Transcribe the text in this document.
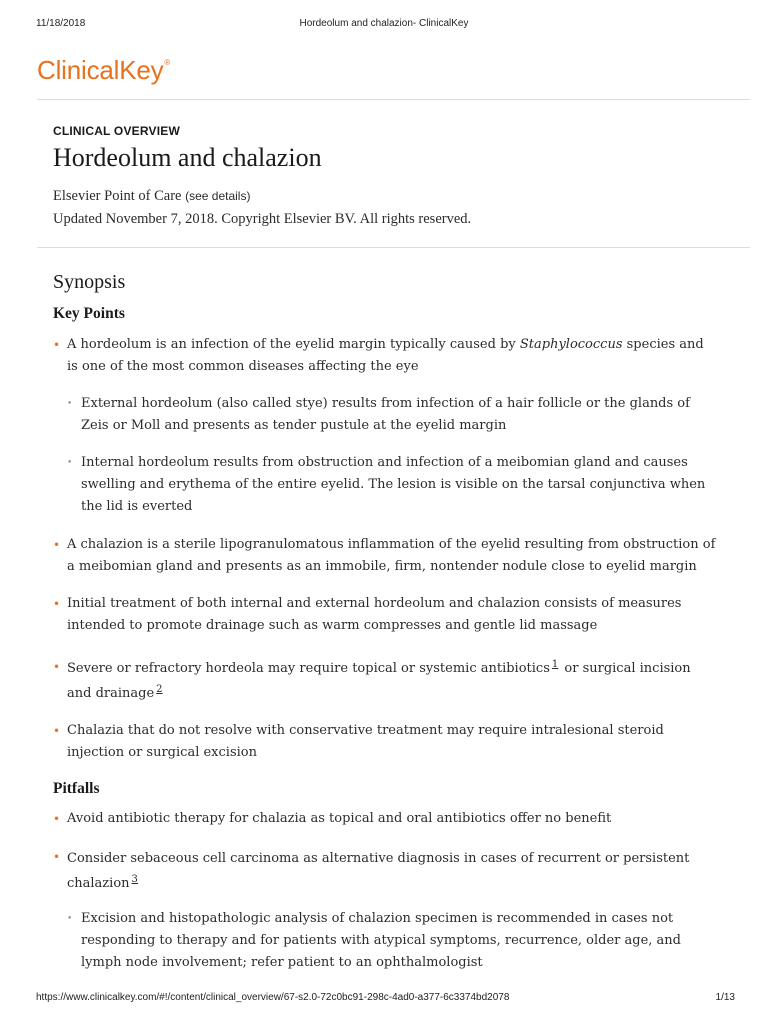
11/18/2018	Hordeolum and chalazion- ClinicalKey
ClinicalKey®
CLINICAL OVERVIEW
Hordeolum and chalazion
Elsevier Point of Care (see details)
Updated November 7, 2018. Copyright Elsevier BV. All rights reserved.
Synopsis
Key Points
• A hordeolum is an infection of the eyelid margin typically caused by Staphylococcus species and is one of the most common diseases affecting the eye
• External hordeolum (also called stye) results from infection of a hair follicle or the glands of Zeis or Moll and presents as tender pustule at the eyelid margin
• Internal hordeolum results from obstruction and infection of a meibomian gland and causes swelling and erythema of the entire eyelid. The lesion is visible on the tarsal conjunctiva when the lid is everted
• A chalazion is a sterile lipogranulomatous inflammation of the eyelid resulting from obstruction of a meibomian gland and presents as an immobile, firm, nontender nodule close to eyelid margin
• Initial treatment of both internal and external hordeolum and chalazion consists of measures intended to promote drainage such as warm compresses and gentle lid massage
• Severe or refractory hordeola may require topical or systemic antibiotics $^1$ or surgical incision and drainage $^2$
• Chalazia that do not resolve with conservative treatment may require intralesional steroid injection or surgical excision
Pitfalls
• Avoid antibiotic therapy for chalazia as topical and oral antibiotics offer no benefit
• Consider sebaceous cell carcinoma as alternative diagnosis in cases of recurrent or persistent chalazion $^3$
• Excision and histopathologic analysis of chalazion specimen is recommended in cases not responding to therapy and for patients with atypical symptoms, recurrence, older age, and lymph node involvement; refer patient to an ophthalmologist
https://www.clinicalkey.com/#!/content/clinical_overview/67-s2.0-72c0bc91-298c-4ad0-a377-6c3374bd2078	1/13
